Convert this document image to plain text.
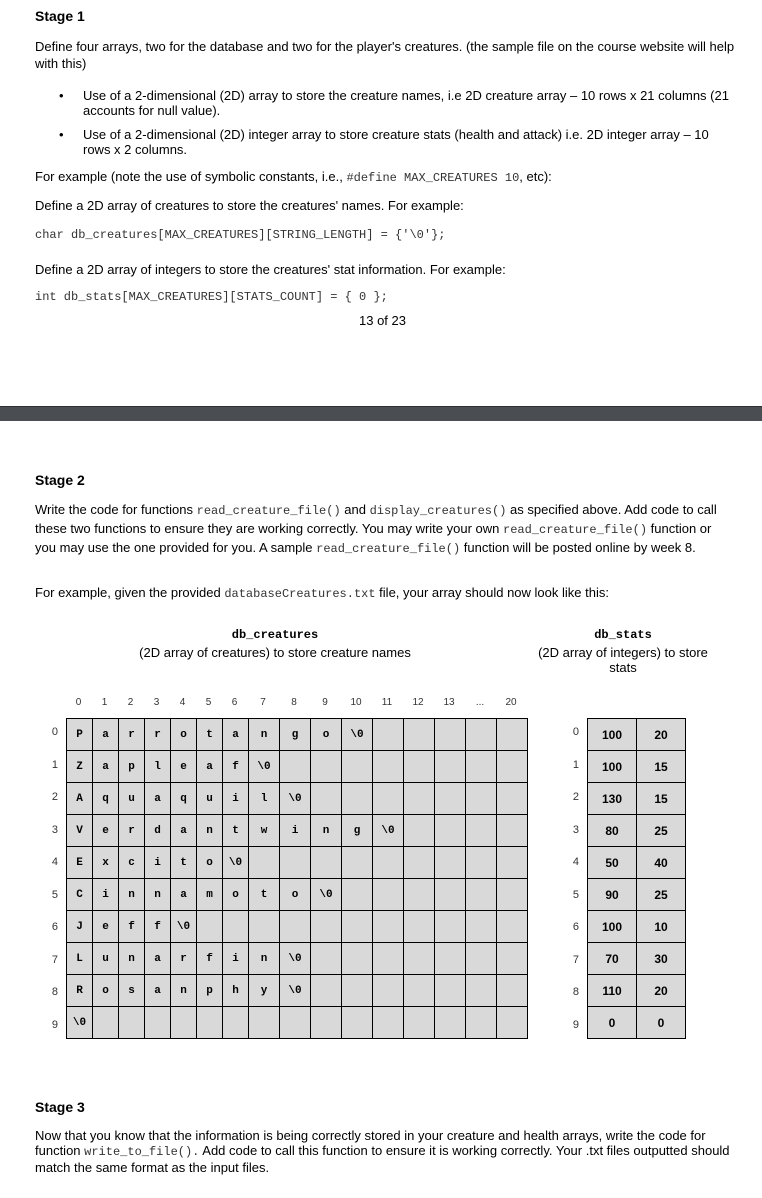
Stage 1

Define four arrays, two for the database and two for the player's creatures. (the sample file on the course website will help with this)

• Use of a 2-dimensional (2D) array to store the creature names, i.e 2D creature array – 10 rows x 21 columns (21 accounts for null value).
• Use of a 2-dimensional (2D) integer array to store creature stats (health and attack) i.e. 2D integer array – 10 rows x 2 columns.

For example (note the use of symbolic constants, i.e., #define MAX_CREATURES 10, etc):

Define a 2D array of creatures to store the creatures' names. For example:

char db_creatures[MAX_CREATURES][STRING_LENGTH] = {'\0'};

Define a 2D array of integers to store the creatures' stat information. For example:

int db_stats[MAX_CREATURES][STATS_COUNT] = { 0 };
13 of 23
Stage 2

Write the code for functions read_creature_file() and display_creatures() as specified above. Add code to call these two functions to ensure they are working correctly. You may write your own read_creature_file() function or you may use the one provided for you. A sample read_creature_file() function will be posted online by week 8.

For example, given the provided databaseCreatures.txt file, your array should now look like this:

db_creatures
(2D array of creatures) to store creature names
db_stats
(2D array of integers) to store stats
0	1	2	3	4	5	6	7	8	9	10	11	12	13	...	20
0
1
2
3
4
5
6
7
8
9
0
1
2
3
4
5
6
7
8
9
P	a	r	r	o	t	a	n	g	o	\0					
Z	a	p	l	e	a	f	\0								
A	q	u	a	q	u	i	l	\0							
V	e	r	d	a	n	t	w	i	n	g	\0				
E	x	c	i	t	o	\0									
C	i	n	n	a	m	o	t	o	\0						
J	e	f	f	\0											
L	u	n	a	r	f	i	n	\0							
R	o	s	a	n	p	h	y	\0							
\0															
100	20
100	15
130	15
80	25
50	40
90	25
100	10
70	30
110	20
0	0
Stage 3

Now that you know that the information is being correctly stored in your creature and health arrays, write the code for function write_to_file(). Add code to call this function to ensure it is working correctly. Your .txt files outputted should match the same format as the input files.
